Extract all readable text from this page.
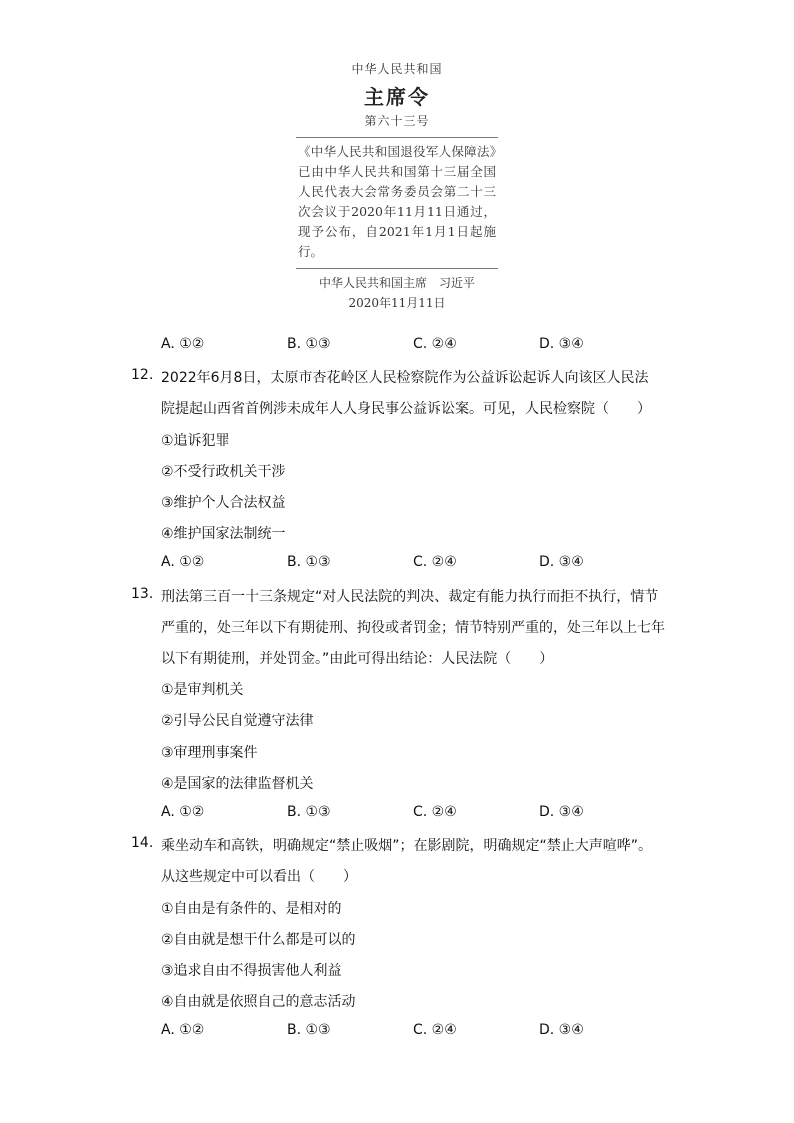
中华人民共和国
主席令
第六十三号
《中华人民共和国退役军人保障法》已由中华人民共和国第十三届全国人民代表大会常务委员会第二十三次会议于2020年11月11日通过，现予公布，自2021年1月1日起施行。
中华人民共和国主席　习近平
2020年11月11日
A. ①②	B. ①③	C. ②④	D. ③④
12. 2022年6月8日，太原市杏花岭区人民检察院作为公益诉讼起诉人向该区人民法
院提起山西省首例涉未成年人人身民事公益诉讼案。可见，人民检察院（　　）
①追诉犯罪
②不受行政机关干涉
③维护个人合法权益
④维护国家法制统一
A. ①②	B. ①③	C. ②④	D. ③④
13. 刑法第三百一十三条规定“对人民法院的判决、裁定有能力执行而拒不执行，情节
严重的，处三年以下有期徒刑、拘役或者罚金；情节特别严重的，处三年以上七年
以下有期徒刑，并处罚金。”由此可得出结论：人民法院（　　）
①是审判机关
②引导公民自觉遵守法律
③审理刑事案件
④是国家的法律监督机关
A. ①②	B. ①③	C. ②④	D. ③④
14. 乘坐动车和高铁，明确规定“禁止吸烟”；在影剧院，明确规定“禁止大声喧哗”。
从这些规定中可以看出（　　）
①自由是有条件的、是相对的
②自由就是想干什么都是可以的
③追求自由不得损害他人利益
④自由就是依照自己的意志活动
A. ①②	B. ①③	C. ②④	D. ③④
